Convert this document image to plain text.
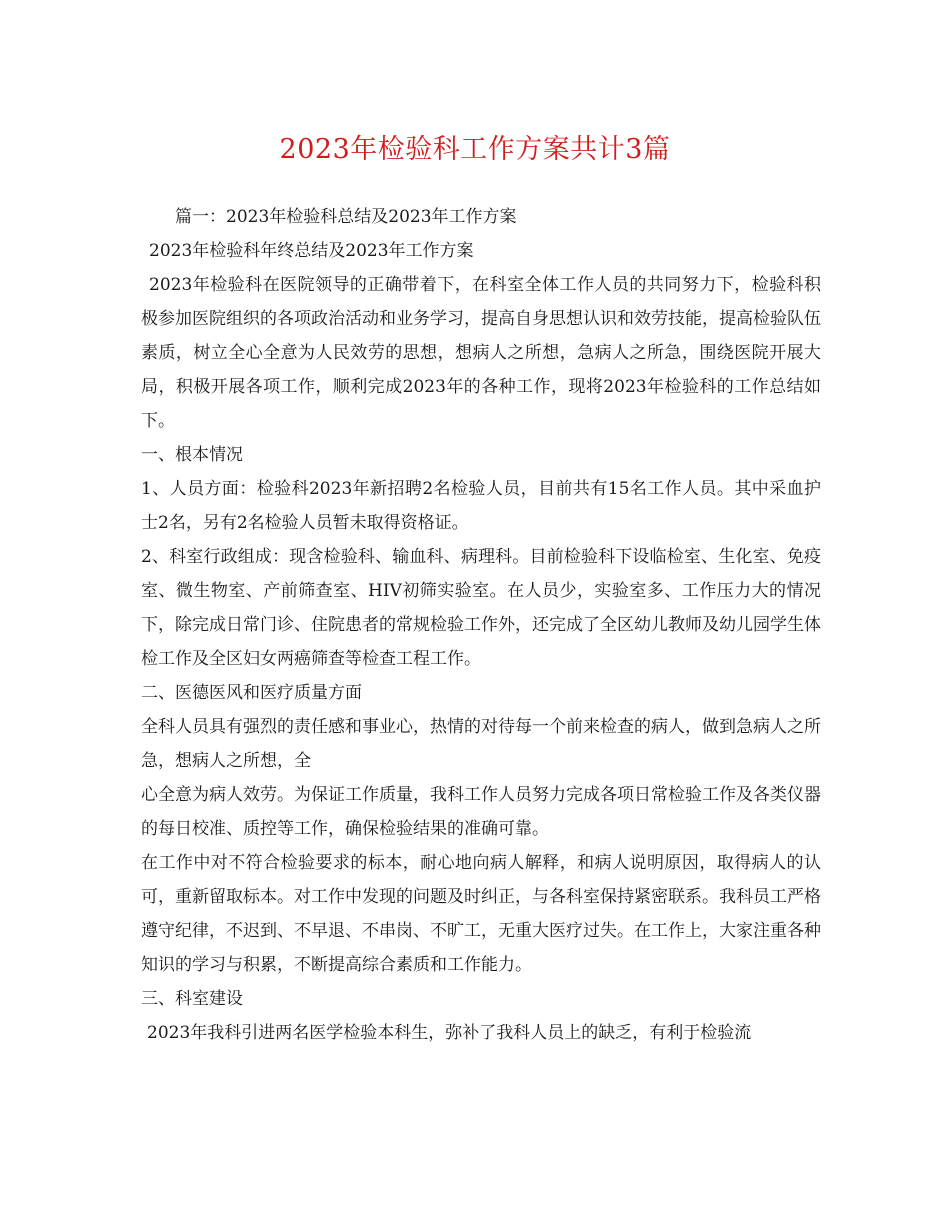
2023年检验科工作方案共计3篇

篇一：2023年检验科总结及2023年工作方案

2023年检验科年终总结及2023年工作方案

2023年检验科在医院领导的正确带着下，在科室全体工作人员的共同努力下，检验科积极参加医院组织的各项政治活动和业务学习，提高自身思想认识和效劳技能，提高检验队伍素质，树立全心全意为人民效劳的思想，想病人之所想，急病人之所急，围绕医院开展大局，积极开展各项工作，顺利完成2023年的各种工作，现将2023年检验科的工作总结如下。

一、根本情况

1、人员方面：检验科2023年新招聘2名检验人员，目前共有15名工作人员。其中采血护士2名，另有2名检验人员暂未取得资格证。

2、科室行政组成：现含检验科、输血科、病理科。目前检验科下设临检室、生化室、免疫室、微生物室、产前筛查室、HIV初筛实验室。在人员少，实验室多、工作压力大的情况下，除完成日常门诊、住院患者的常规检验工作外，还完成了全区幼儿教师及幼儿园学生体检工作及全区妇女两癌筛查等检查工程工作。

二、医德医风和医疗质量方面

全科人员具有强烈的责任感和事业心，热情的对待每一个前来检查的病人，做到急病人之所急，想病人之所想，全

心全意为病人效劳。为保证工作质量，我科工作人员努力完成各项日常检验工作及各类仪器的每日校准、质控等工作，确保检验结果的准确可靠。

在工作中对不符合检验要求的标本，耐心地向病人解释，和病人说明原因，取得病人的认可，重新留取标本。对工作中发现的问题及时纠正，与各科室保持紧密联系。我科员工严格遵守纪律，不迟到、不早退、不串岗、不旷工，无重大医疗过失。在工作上，大家注重各种知识的学习与积累，不断提高综合素质和工作能力。

三、科室建设

2023年我科引进两名医学检验本科生，弥补了我科人员上的缺乏，有利于检验流
